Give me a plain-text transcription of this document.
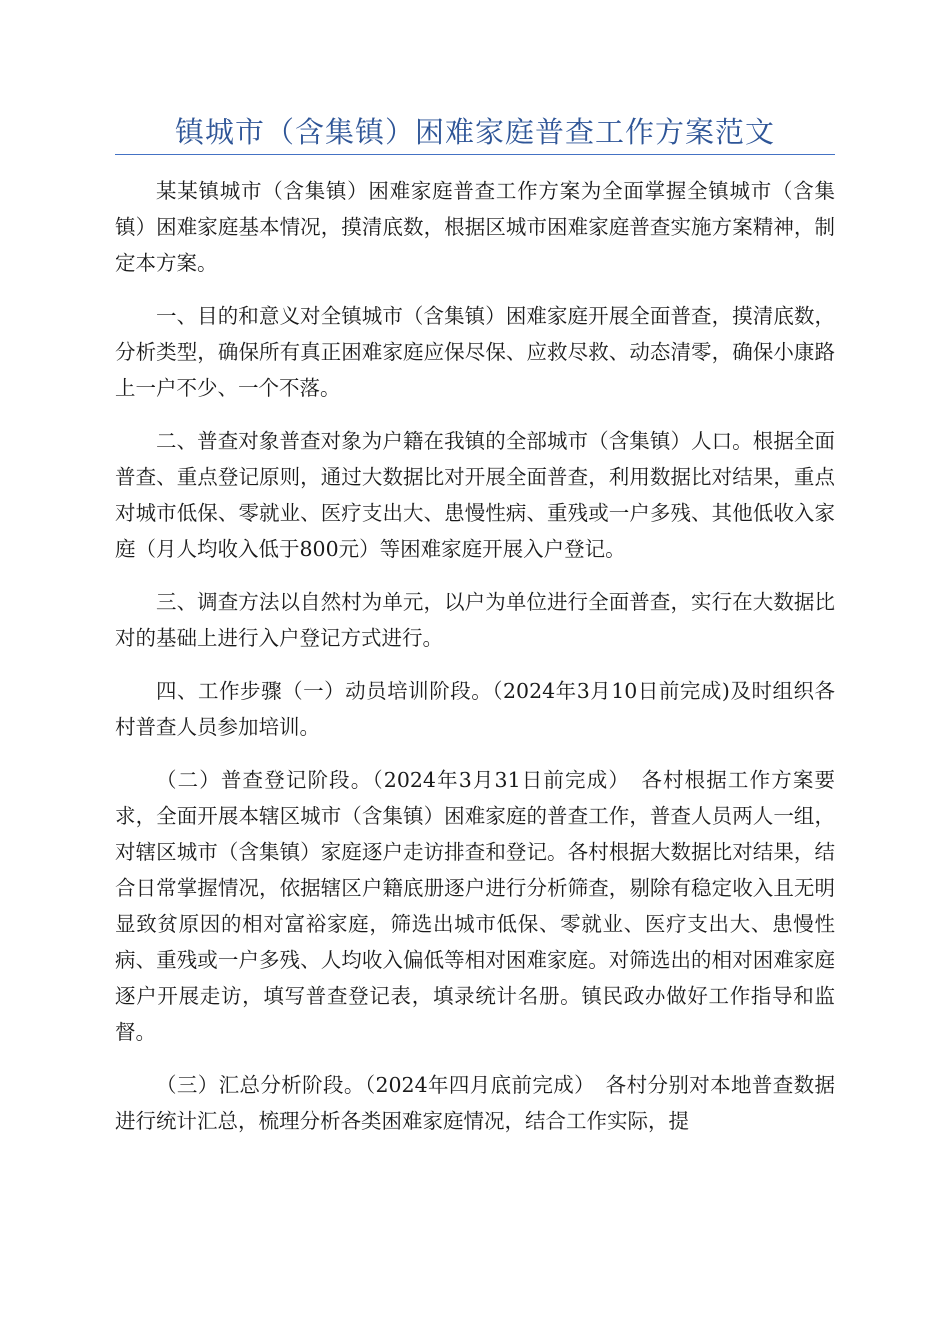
镇城市（含集镇）困难家庭普查工作方案范文

某某镇城市（含集镇）困难家庭普查工作方案为全面掌握全镇城市（含集镇）困难家庭基本情况，摸清底数，根据区城市困难家庭普查实施方案精神，制定本方案。

一、目的和意义对全镇城市（含集镇）困难家庭开展全面普查，摸清底数，分析类型，确保所有真正困难家庭应保尽保、应救尽救、动态清零，确保小康路上一户不少、一个不落。

二、普查对象普查对象为户籍在我镇的全部城市（含集镇）人口。根据全面普查、重点登记原则，通过大数据比对开展全面普查，利用数据比对结果，重点对城市低保、零就业、医疗支出大、患慢性病、重残或一户多残、其他低收入家庭（月人均收入低于800元）等困难家庭开展入户登记。

三、调查方法以自然村为单元，以户为单位进行全面普查，实行在大数据比对的基础上进行入户登记方式进行。

四、工作步骤（一）动员培训阶段。（2024年3月10日前完成)及时组织各村普查人员参加培训。

（二）普查登记阶段。（2024年3月31日前完成）　各村根据工作方案要求，全面开展本辖区城市（含集镇）困难家庭的普查工作，普查人员两人一组，对辖区城市（含集镇）家庭逐户走访排查和登记。各村根据大数据比对结果，结合日常掌握情况，依据辖区户籍底册逐户进行分析筛查，剔除有稳定收入且无明显致贫原因的相对富裕家庭，筛选出城市低保、零就业、医疗支出大、患慢性病、重残或一户多残、人均收入偏低等相对困难家庭。对筛选出的相对困难家庭逐户开展走访，填写普查登记表，填录统计名册。镇民政办做好工作指导和监督。

（三）汇总分析阶段。（2024年四月底前完成）　各村分别对本地普查数据进行统计汇总，梳理分析各类困难家庭情况，结合工作实际，提
